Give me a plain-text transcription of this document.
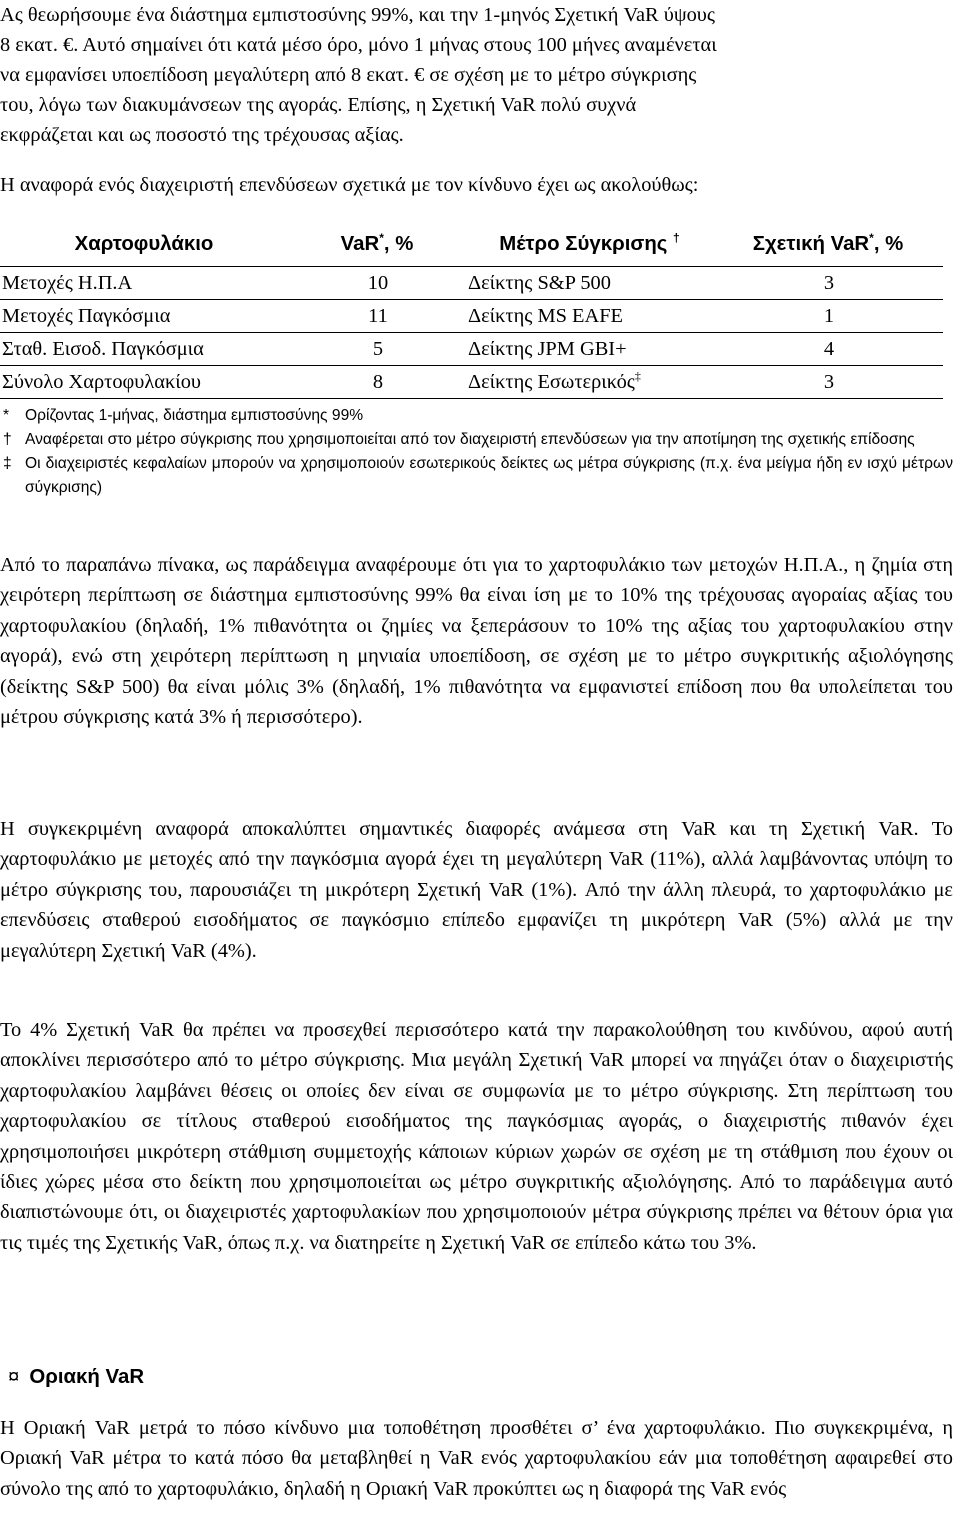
Ας θεωρήσουμε ένα διάστημα εμπιστοσύνης 99%, και την 1-μηνός Σχετική VaR ύψους

8 εκατ. €. Αυτό σημαίνει ότι κατά μέσο όρο, μόνο 1 μήνας στους 100 μήνες αναμένεται

να εμφανίσει υποεπίδοση μεγαλύτερη από 8 εκατ. € σε σχέση με το μέτρο σύγκρισης

του, λόγω των διακυμάνσεων της αγοράς. Επίσης, η Σχετική VaR πολύ συχνά

εκφράζεται και ως ποσοστό της τρέχουσας αξίας.

Η αναφορά ενός διαχειριστή επενδύσεων σχετικά με τον κίνδυνο έχει ως ακολούθως:

Χαρτοφυλάκιο	VaR*, %	Μέτρο Σύγκρισης †	Σχετική VaR*, %
Μετοχές Η.Π.Α	10	Δείκτης S&P 500	3
Μετοχές Παγκόσμια	11	Δείκτης MS EAFE	1
Σταθ. Εισοδ. Παγκόσμια	5	Δείκτης JPM GBI+	4
Σύνολο Χαρτοφυλακίου	8	Δείκτης Εσωτερικός‡	3
*	Ορίζοντας 1-μήνας, διάστημα εμπιστοσύνης 99%
† Αναφέρεται στο μέτρο σύγκρισης που χρησιμοποιείται από τον διαχειριστή επενδύσεων για την αποτίμηση της σχετικής επίδοσης
‡ Οι διαχειριστές κεφαλαίων μπορούν να χρησιμοποιούν εσωτερικούς δείκτες ως μέτρα σύγκρισης (π.χ. ένα μείγμα ήδη εν ισχύ μέτρων σύγκρισης)

Από το παραπάνω πίνακα, ως παράδειγμα αναφέρουμε ότι για το χαρτοφυλάκιο των μετοχών Η.Π.Α., η ζημία στη χειρότερη περίπτωση σε διάστημα εμπιστοσύνης 99% θα είναι ίση με το 10% της τρέχουσας αγοραίας αξίας του χαρτοφυλακίου (δηλαδή, 1% πιθανότητα οι ζημίες να ξεπεράσουν το 10% της αξίας του χαρτοφυλακίου στην αγορά), ενώ στη χειρότερη περίπτωση η μηνιαία υποεπίδοση, σε σχέση με το μέτρο συγκριτικής αξιολόγησης (δείκτης S&P 500) θα είναι μόλις 3% (δηλαδή, 1% πιθανότητα να εμφανιστεί επίδοση που θα υπολείπεται του μέτρου σύγκρισης κατά 3% ή περισσότερο).

Η συγκεκριμένη αναφορά αποκαλύπτει σημαντικές διαφορές ανάμεσα στη VaR και τη Σχετική VaR. Το χαρτοφυλάκιο με μετοχές από την παγκόσμια αγορά έχει τη μεγαλύτερη VaR (11%), αλλά λαμβάνοντας υπόψη το μέτρο σύγκρισης του, παρουσιάζει τη μικρότερη Σχετική VaR (1%). Από την άλλη πλευρά, το χαρτοφυλάκιο με επενδύσεις σταθερού εισοδήματος σε παγκόσμιο επίπεδο εμφανίζει τη μικρότερη VaR (5%) αλλά με την μεγαλύτερη Σχετική VaR (4%).

Το 4% Σχετική VaR θα πρέπει να προσεχθεί περισσότερο κατά την παρακολούθηση του κινδύνου, αφού αυτή αποκλίνει περισσότερο από το μέτρο σύγκρισης. Μια μεγάλη Σχετική VaR μπορεί να πηγάζει όταν ο διαχειριστής χαρτοφυλακίου λαμβάνει θέσεις οι οποίες δεν είναι σε συμφωνία με το μέτρο σύγκρισης. Στη περίπτωση του χαρτοφυλακίου σε τίτλους σταθερού εισοδήματος της παγκόσμιας αγοράς, ο διαχειριστής πιθανόν έχει χρησιμοποιήσει μικρότερη στάθμιση συμμετοχής κάποιων κύριων χωρών σε σχέση με τη στάθμιση που έχουν οι ίδιες χώρες μέσα στο δείκτη που χρησιμοποιείται ως μέτρο συγκριτικής αξιολόγησης. Από το παράδειγμα αυτό διαπιστώνουμε ότι, οι διαχειριστές χαρτοφυλακίων που χρησιμοποιούν μέτρα σύγκρισης πρέπει να θέτουν όρια για τις τιμές της Σχετικής VaR, όπως π.χ. να διατηρείτε η Σχετική VaR σε επίπεδο κάτω του 3%.

¤ Οριακή VaR

Η Οριακή VaR μετρά το πόσο κίνδυνο μια τοποθέτηση προσθέτει σ’ ένα χαρτοφυλάκιο. Πιο συγκεκριμένα, η Οριακή VaR μέτρα το κατά πόσο θα μεταβληθεί η VaR ενός χαρτοφυλακίου εάν μια τοποθέτηση αφαιρεθεί στο σύνολο της από το χαρτοφυλάκιο, δηλαδή η Οριακή VaR προκύπτει ως η διαφορά της VaR ενός
